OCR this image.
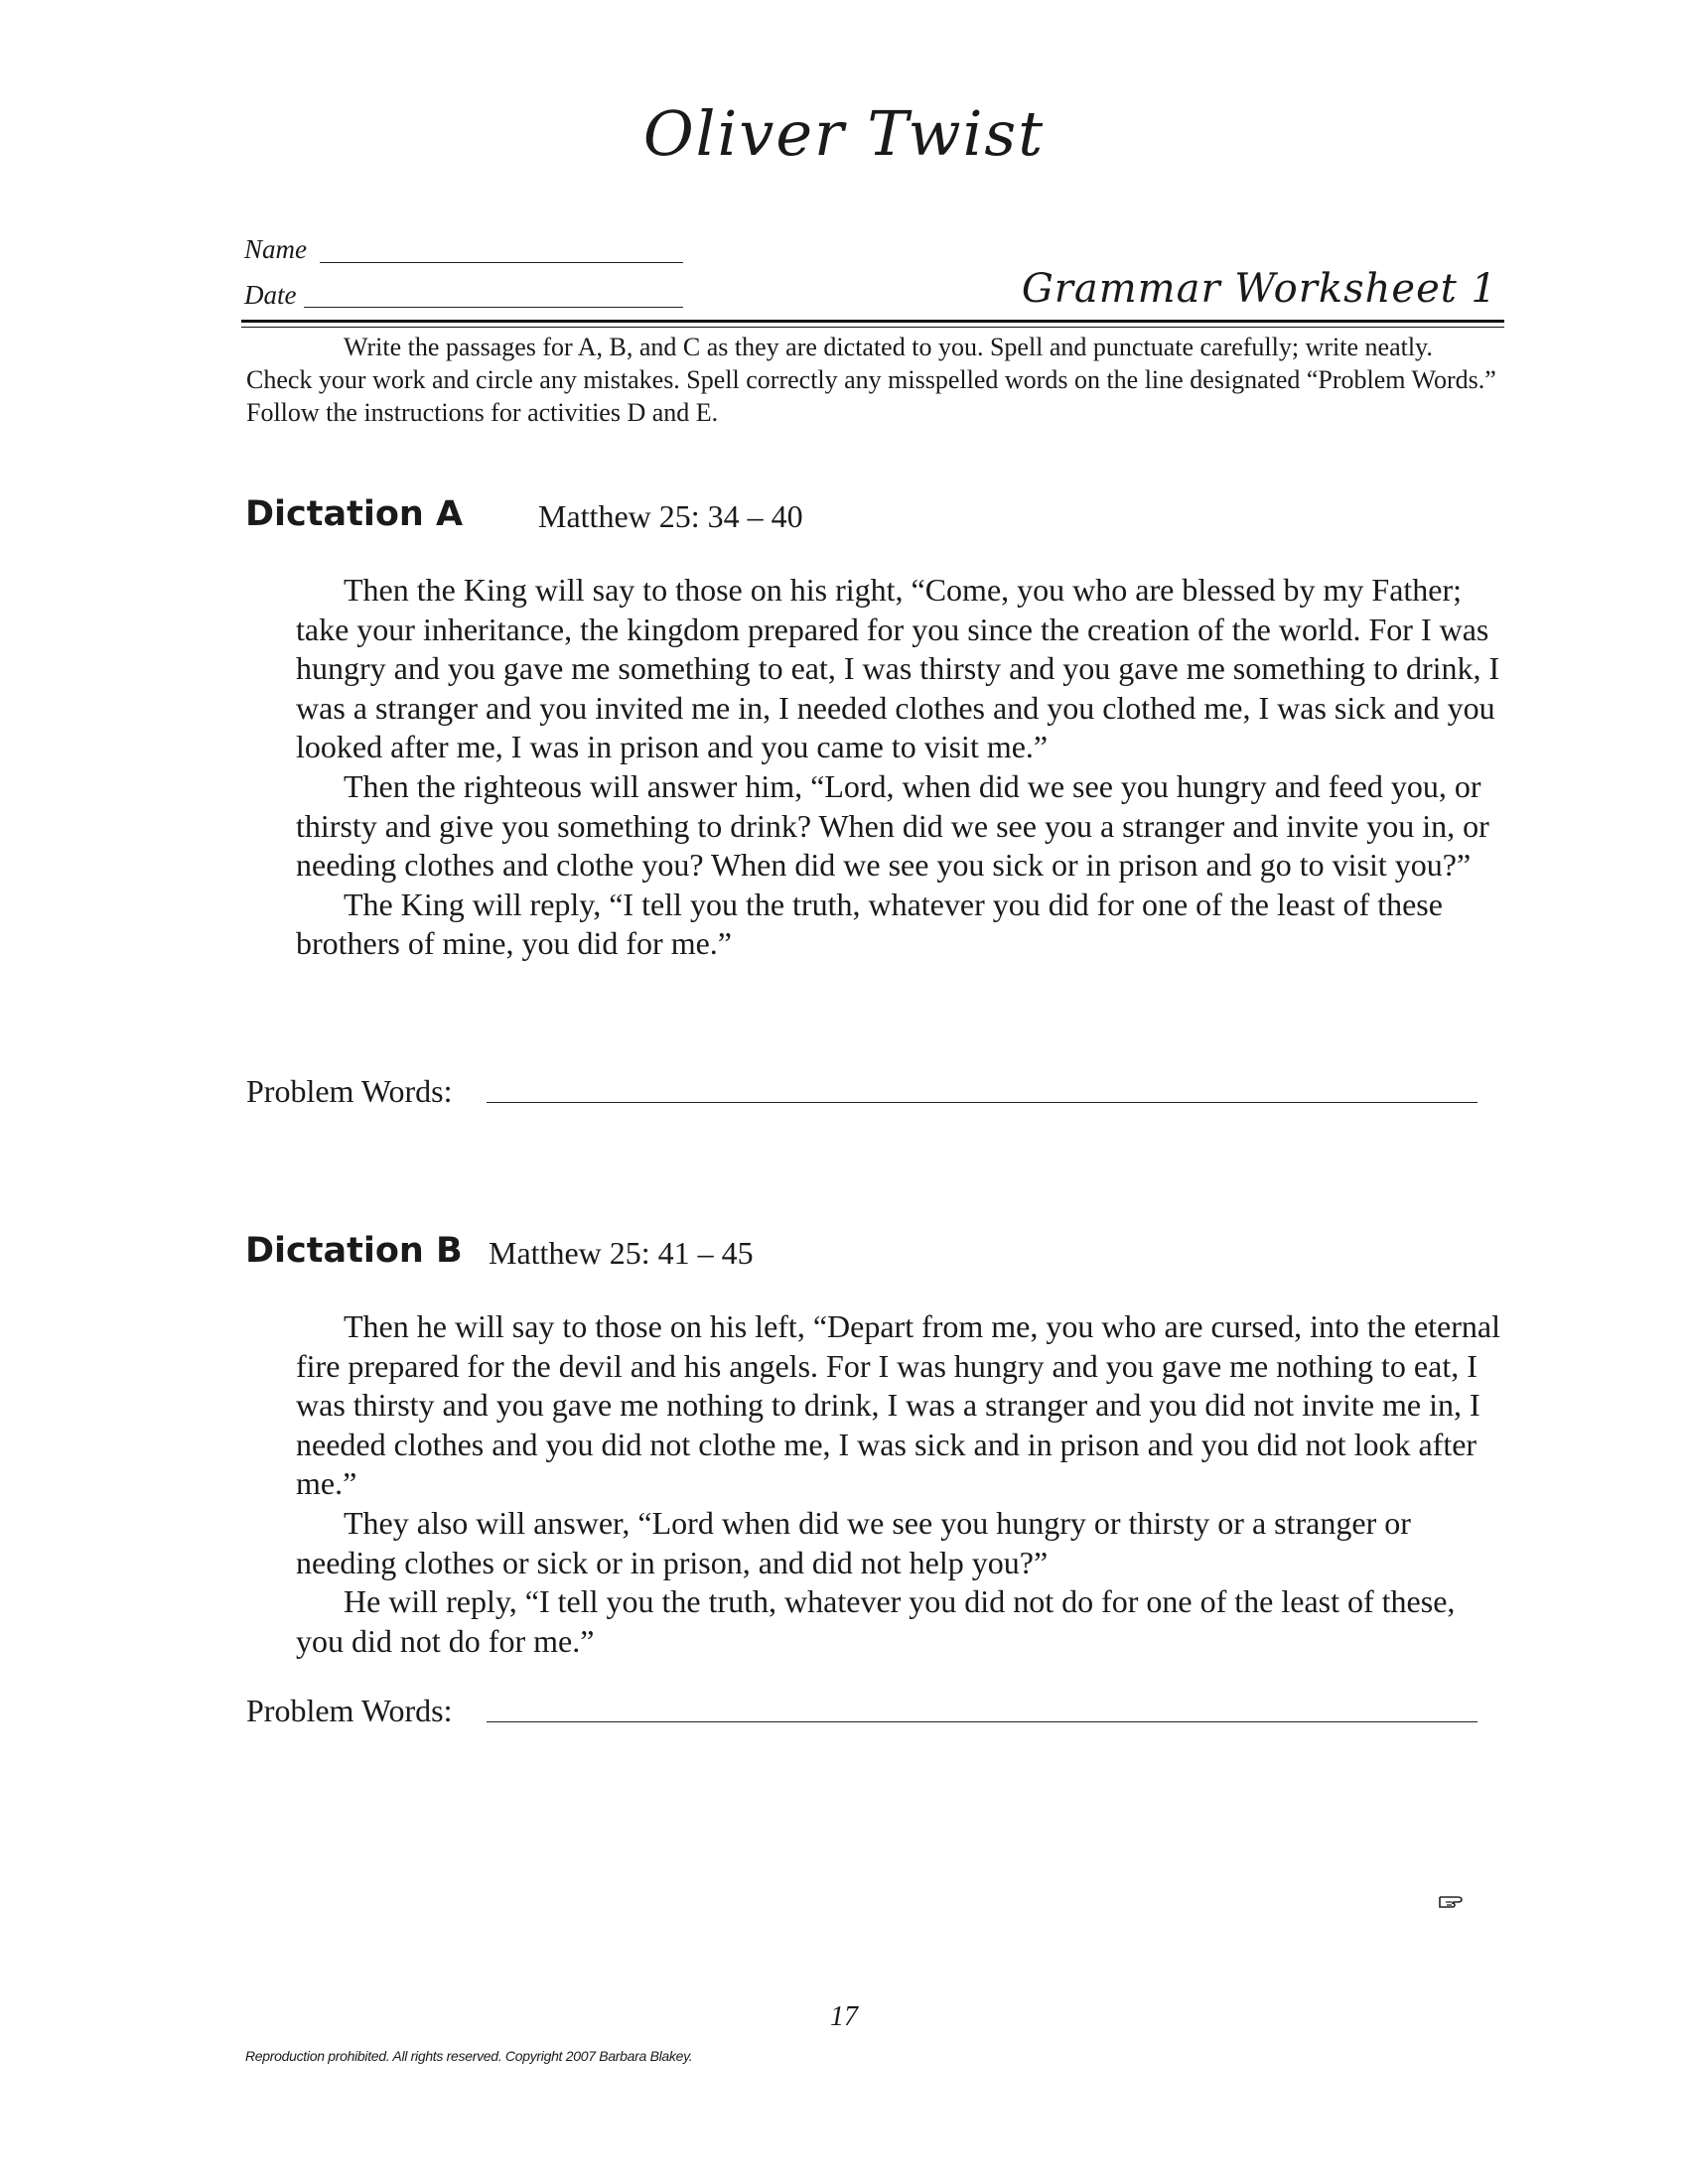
Oliver Twist
Name
Date	Grammar Worksheet 1

Write the passages for A, B, and C as they are dictated to you. Spell and punctuate carefully; write neatly. Check your work and circle any mistakes. Spell correctly any misspelled words on the line designated “Problem Words.” Follow the instructions for activities D and E.

Dictation A Matthew 25: 34 – 40

Then the King will say to those on his right, “Come, you who are blessed by my Father; take your inheritance, the kingdom prepared for you since the creation of the world. For I was hungry and you gave me something to eat, I was thirsty and you gave me something to drink, I was a stranger and you invited me in, I needed clothes and you clothed me, I was sick and you looked after me, I was in prison and you came to visit me.”

Then the righteous will answer him, “Lord, when did we see you hungry and feed you, or thirsty and give you something to drink? When did we see you a stranger and invite you in, or needing clothes and clothe you? When did we see you sick or in prison and go to visit you?”

The King will reply, “I tell you the truth, whatever you did for one of the least of these brothers of mine, you did for me.”

Problem Words:
Dictation B Matthew 25: 41 – 45

Then he will say to those on his left, “Depart from me, you who are cursed, into the eternal fire prepared for the devil and his angels. For I was hungry and you gave me nothing to eat, I was thirsty and you gave me nothing to drink, I was a stranger and you did not invite me in, I needed clothes and you did not clothe me, I was sick and in prison and you did not look after me.”

They also will answer, “Lord when did we see you hungry or thirsty or a stranger or needing clothes or sick or in prison, and did not help you?”

He will reply, “I tell you the truth, whatever you did not do for one of the least of these, you did not do for me.”

Problem Words:
17
Reproduction prohibited. All rights reserved. Copyright 2007 Barbara Blakey.
